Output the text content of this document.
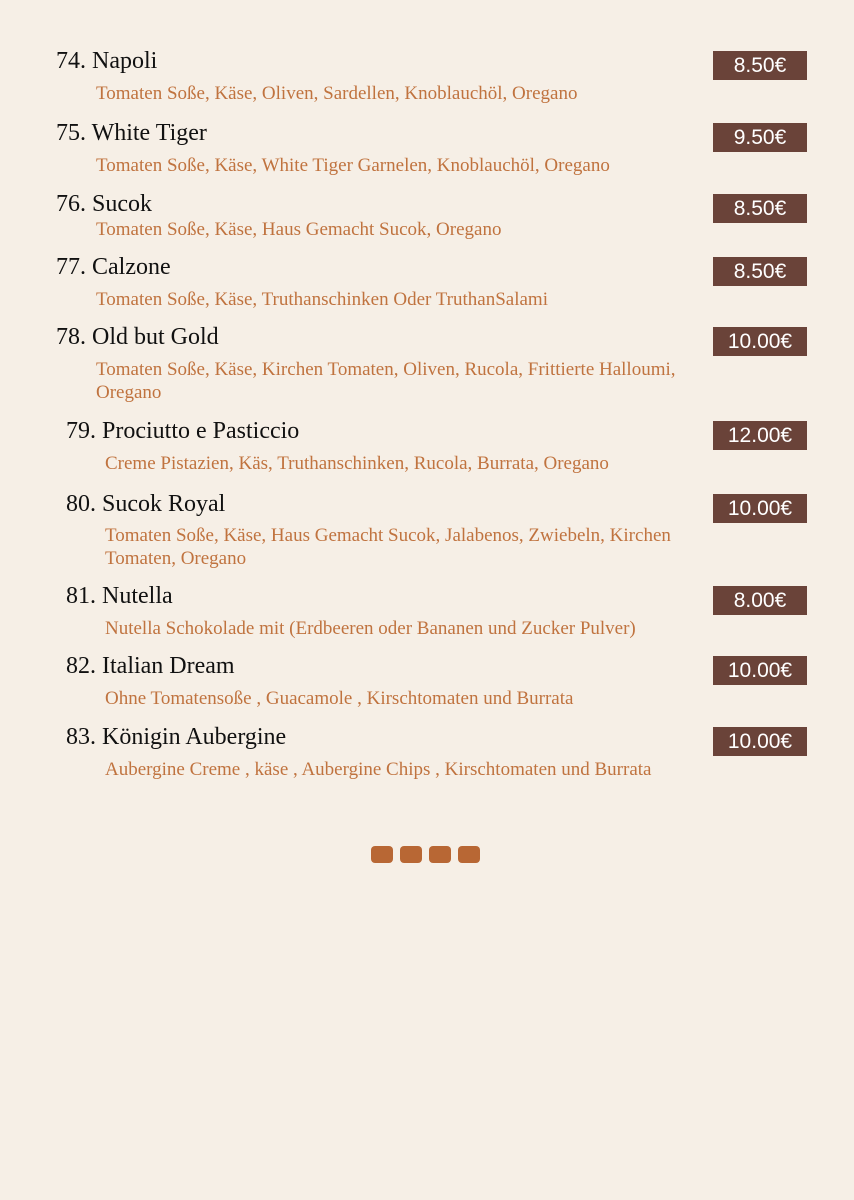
74. Napoli	8.50€
Tomaten Soße, Käse, Oliven, Sardellen, Knoblauchöl, Oregano
75. White Tiger	9.50€
Tomaten Soße, Käse, White Tiger Garnelen, Knoblauchöl, Oregano
76. Sucok	8.50€
Tomaten Soße, Käse, Haus Gemacht Sucok, Oregano
77. Calzone	8.50€
Tomaten Soße, Käse, Truthanschinken Oder TruthanSalami
78. Old but Gold	10.00€
Tomaten Soße, Käse, Kirchen Tomaten, Oliven, Rucola, Frittierte Halloumi, Oregano
79. Prociutto e Pasticcio	12.00€
Creme Pistazien, Käs, Truthanschinken, Rucola, Burrata, Oregano
80. Sucok Royal	10.00€
Tomaten Soße, Käse, Haus Gemacht Sucok, Jalabenos, Zwiebeln, Kirchen Tomaten, Oregano
81. Nutella	8.00€
Nutella Schokolade mit (Erdbeeren oder Bananen und Zucker Pulver)
82. Italian Dream	10.00€
Ohne Tomatensoße , Guacamole , Kirschtomaten und Burrata
83. Königin Aubergine	10.00€
Aubergine Creme , käse , Aubergine Chips , Kirschtomaten und Burrata
